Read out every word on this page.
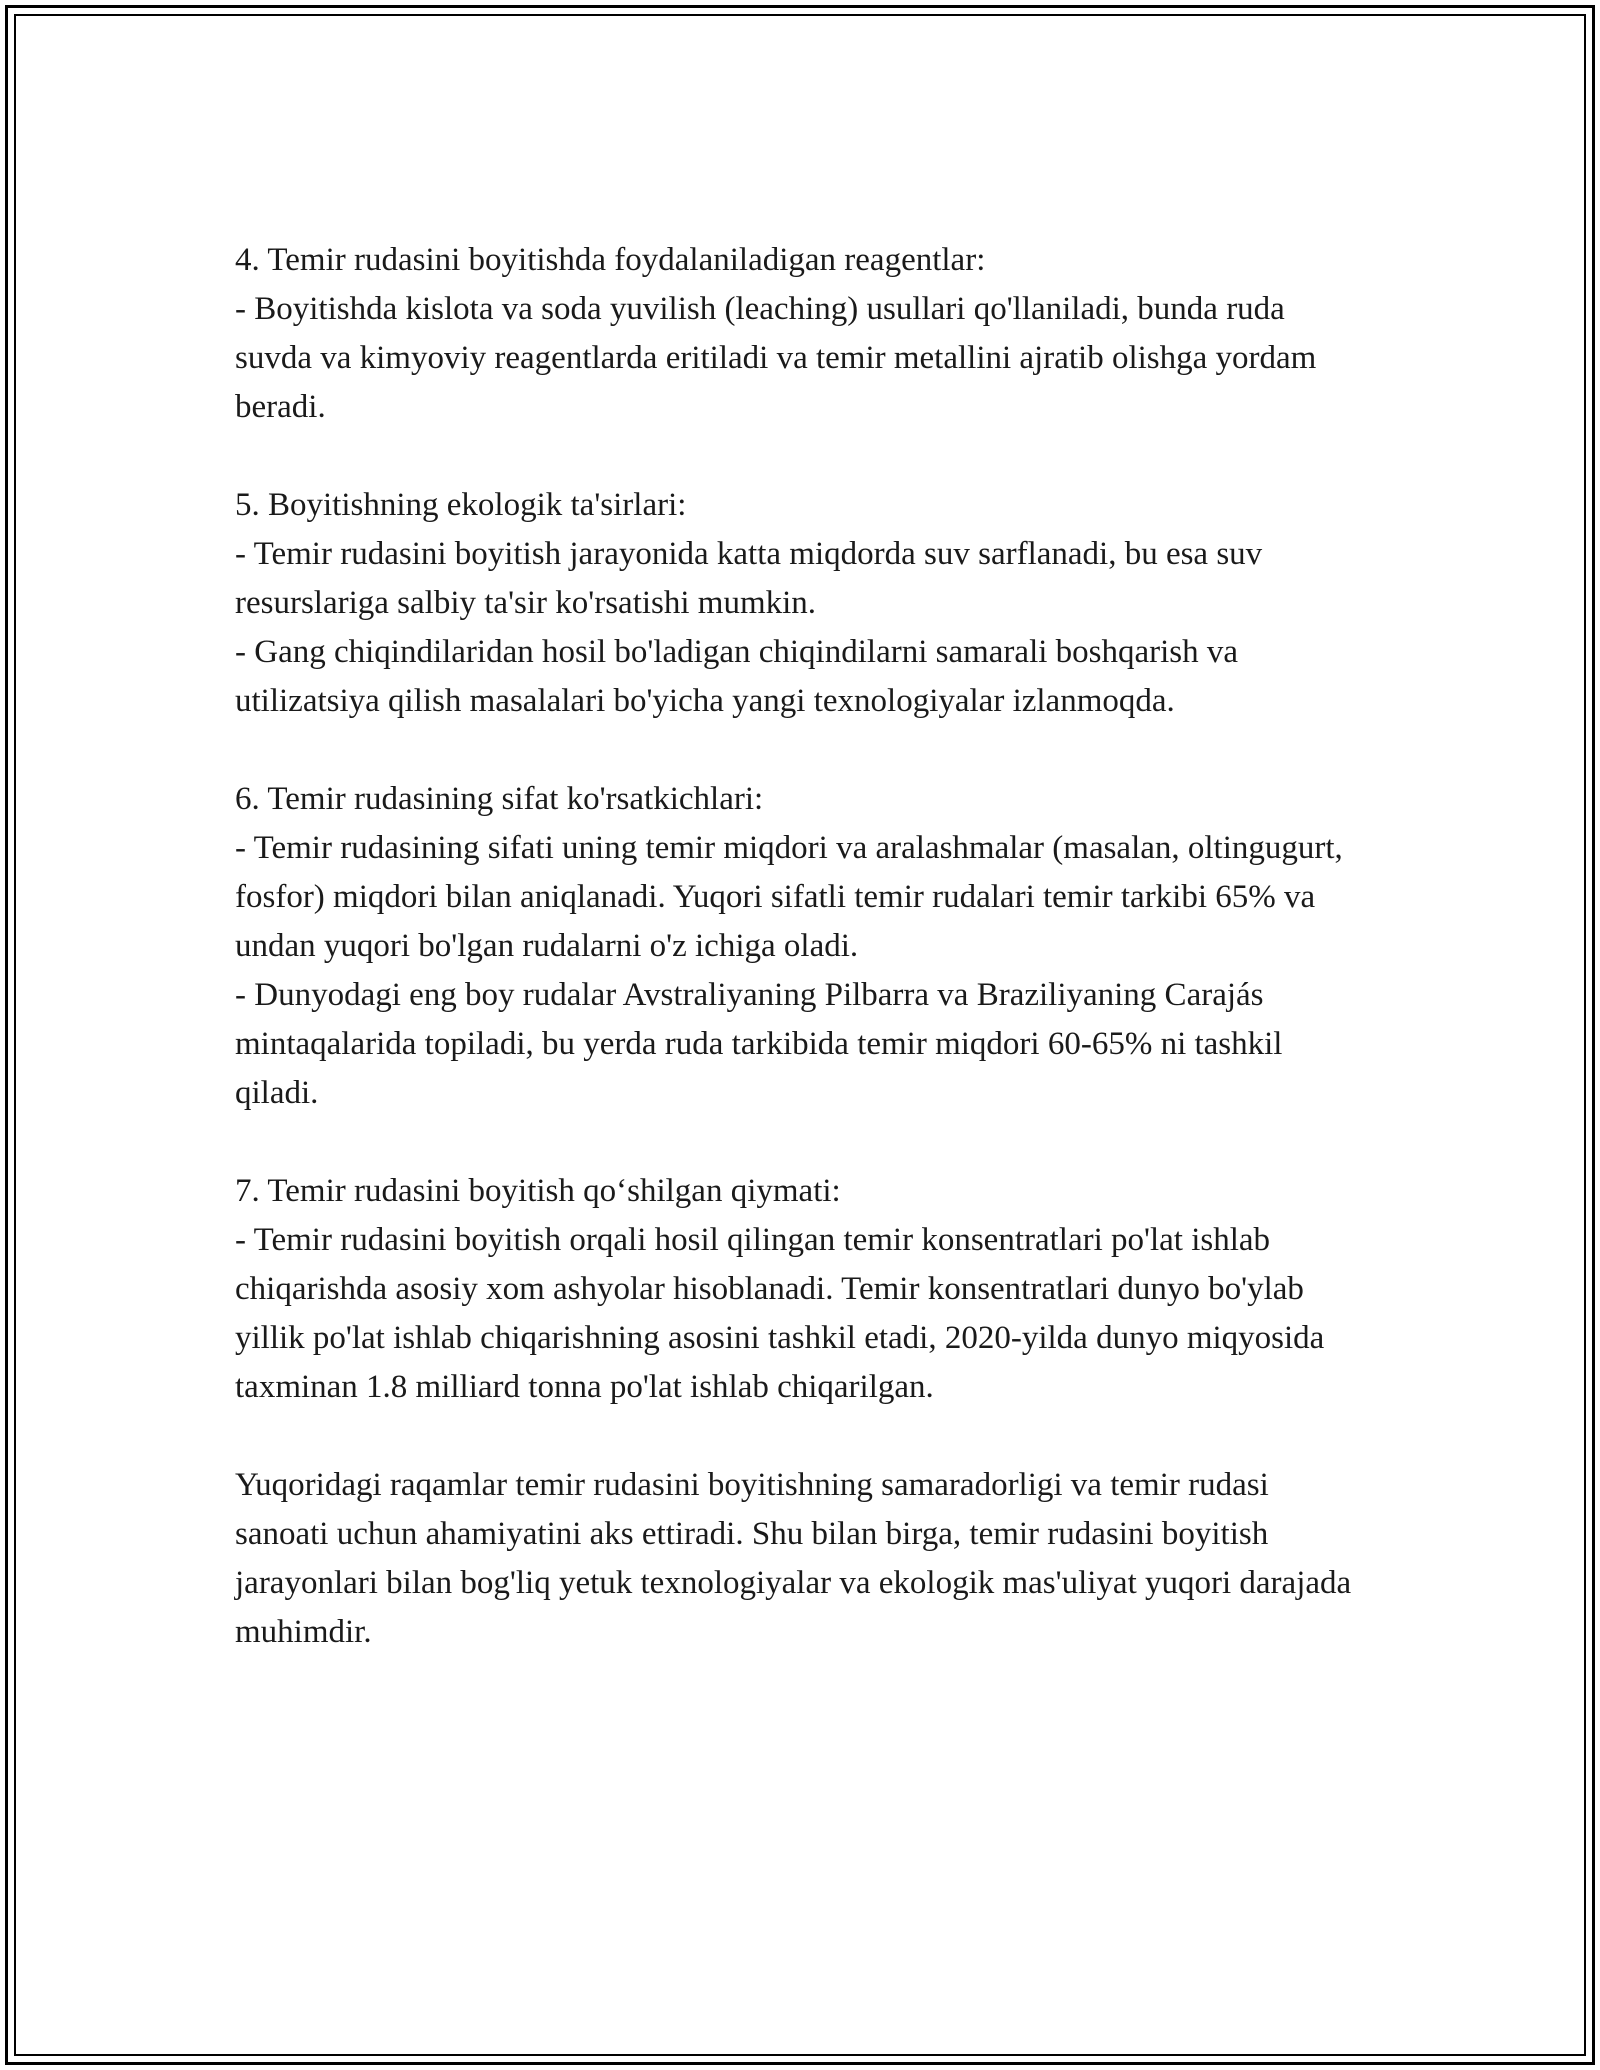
4. Temir rudasini boyitishda foydalaniladigan reagentlar:

- Boyitishda kislota va soda yuvilish (leaching) usullari qo'llaniladi, bunda ruda suvda va kimyoviy reagentlarda eritiladi va temir metallini ajratib olishga yordam beradi.

5. Boyitishning ekologik ta'sirlari:

- Temir rudasini boyitish jarayonida katta miqdorda suv sarflanadi, bu esa suv resurslariga salbiy ta'sir ko'rsatishi mumkin.

- Gang chiqindilaridan hosil bo'ladigan chiqindilarni samarali boshqarish va utilizatsiya qilish masalalari bo'yicha yangi texnologiyalar izlanmoqda.

6. Temir rudasining sifat ko'rsatkichlari:

- Temir rudasining sifati uning temir miqdori va aralashmalar (masalan, oltingugurt, fosfor) miqdori bilan aniqlanadi. Yuqori sifatli temir rudalari temir tarkibi 65% va undan yuqori bo'lgan rudalarni o'z ichiga oladi.

- Dunyodagi eng boy rudalar Avstraliyaning Pilbarra va Braziliyaning Carajás mintaqalarida topiladi, bu yerda ruda tarkibida temir miqdori 60-65% ni tashkil qiladi.

7. Temir rudasini boyitish qo‘shilgan qiymati:

- Temir rudasini boyitish orqali hosil qilingan temir konsentratlari po'lat ishlab chiqarishda asosiy xom ashyolar hisoblanadi. Temir konsentratlari dunyo bo'ylab yillik po'lat ishlab chiqarishning asosini tashkil etadi, 2020-yilda dunyo miqyosida taxminan 1.8 milliard tonna po'lat ishlab chiqarilgan.

Yuqoridagi raqamlar temir rudasini boyitishning samaradorligi va temir rudasi sanoati uchun ahamiyatini aks ettiradi. Shu bilan birga, temir rudasini boyitish jarayonlari bilan bog'liq yetuk texnologiyalar va ekologik mas'uliyat yuqori darajada muhimdir.
